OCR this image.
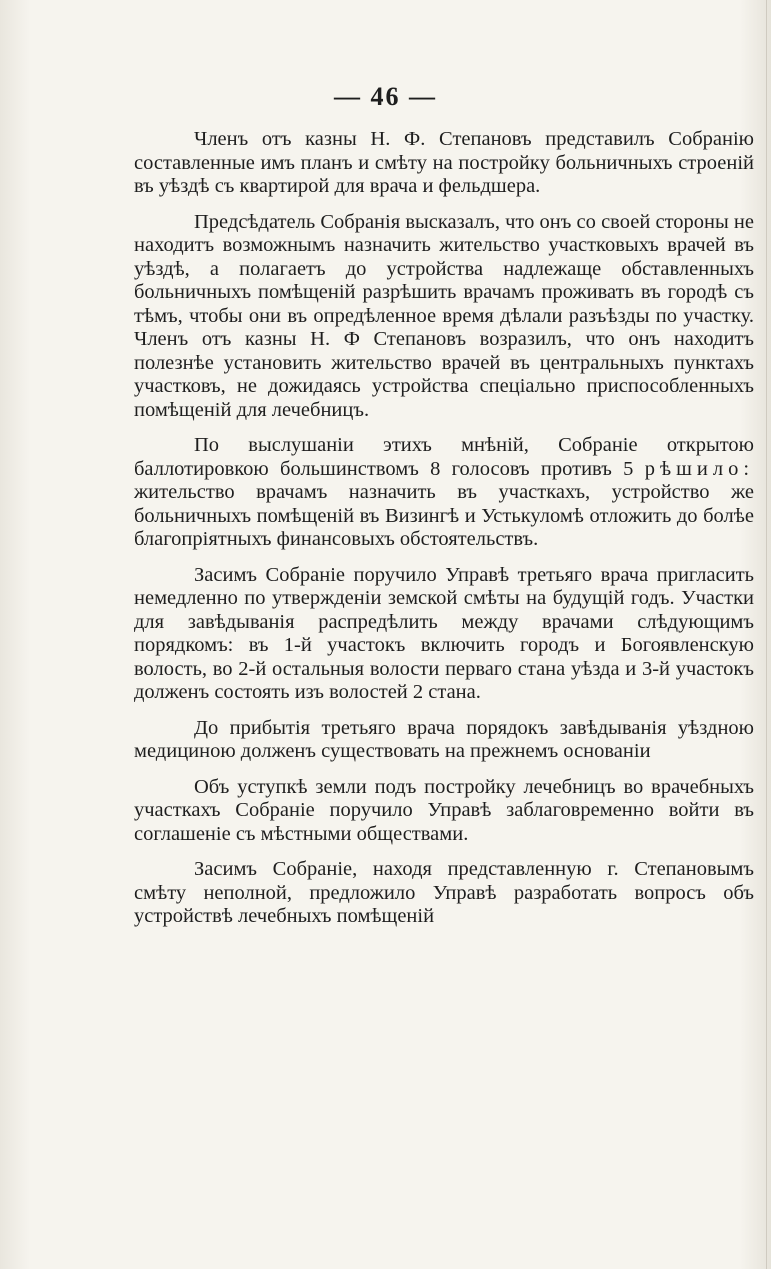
— 46 —

Членъ отъ казны Н. Ф. Степановъ представилъ Собранію составленные имъ планъ и смѣту на постройку больничныхъ строеній въ уѣздѣ съ квартирой для врача и фельдшера.

Предсѣдатель Собранія высказалъ, что онъ со своей стороны не находитъ возможнымъ назначить жительство участковыхъ врачей въ уѣздѣ, а полагаетъ до устройства надлежаще обставленныхъ больничныхъ помѣщеній разрѣшить врачамъ проживать въ городѣ съ тѣмъ, чтобы они въ опредѣленное время дѣлали разъѣзды по участку. Членъ отъ казны Н. Ф Степановъ возразилъ, что онъ находитъ полезнѣе установить жительство врачей въ центральныхъ пунктахъ участковъ, не дожидаясь устройства спеціально приспособленныхъ помѣщеній для лечебницъ.

По выслушаніи этихъ мнѣній, Собраніе открытою баллотировкою большинствомъ 8 голосовъ противъ 5 рѣшило: жительство врачамъ назначить въ участкахъ, устройство же больничныхъ помѣщеній въ Визингѣ и Устькуломѣ отложить до болѣе благопріятныхъ финансовыхъ обстоятельствъ.

Засимъ Собраніе поручило Управѣ третьяго врача пригласить немедленно по утвержденіи земской смѣты на будущій годъ. Участки для завѣдыванія распредѣлить между врачами слѣдующимъ порядкомъ: въ 1-й участокъ включить городъ и Богоявленскую волость, во 2-й остальныя волости перваго стана уѣзда и 3-й участокъ долженъ состоять изъ волостей 2 стана.

До прибытія третьяго врача порядокъ завѣдыванія уѣздною медициною долженъ существовать на прежнемъ основаніи

Объ уступкѣ земли подъ постройку лечебницъ во врачебныхъ участкахъ Собраніе поручило Управѣ заблаговременно войти въ соглашеніе съ мѣстными обществами.

Засимъ Собраніе, находя представленную г. Степановымъ смѣту неполной, предложило Управѣ разработать вопросъ объ устройствѣ лечебныхъ помѣщеній
